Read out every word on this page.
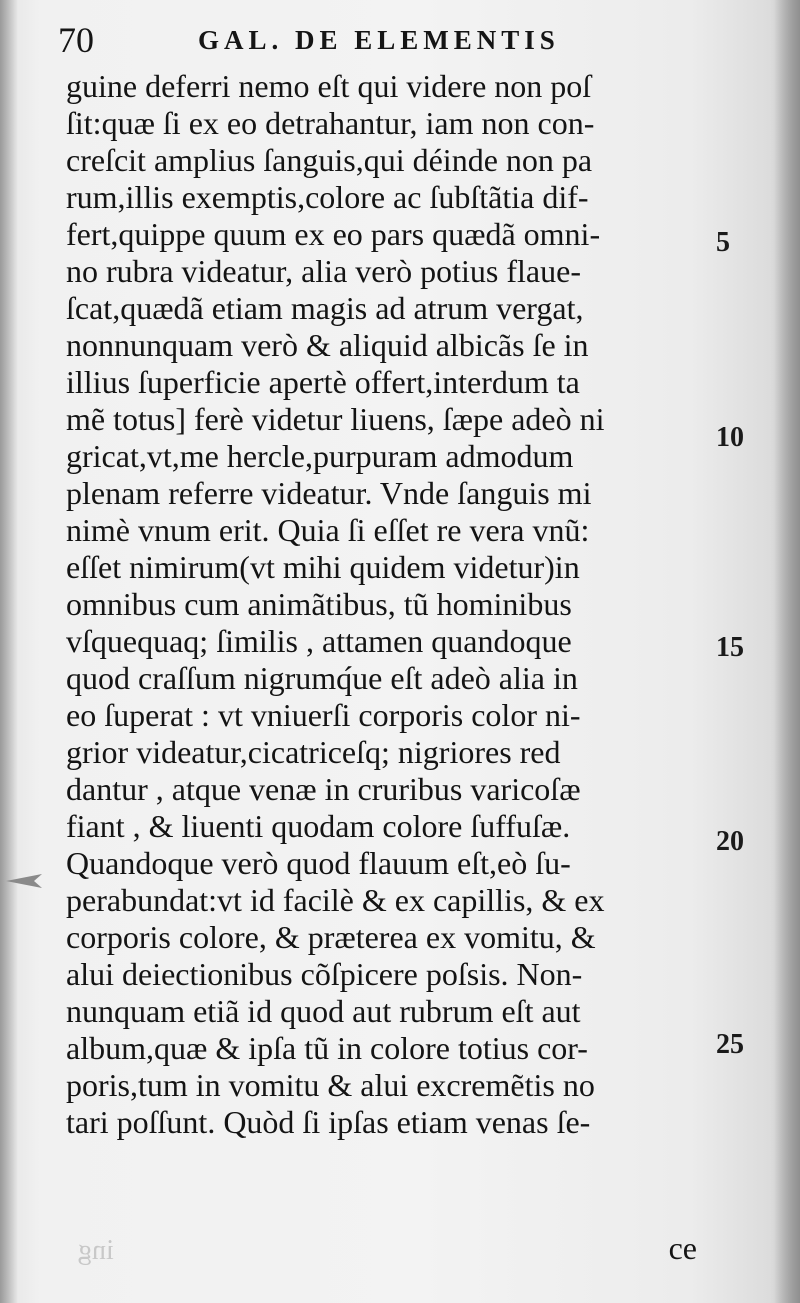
70	GAL. DE ELEMENTIS
guine deferri nemo eſt qui videre non poſ
ſit:quæ ſi ex eo detrahantur, iam non con-
creſcit amplius ſanguis,qui déinde non pa
rum,illis exemptis,colore ac ſubſtãtia dif-
fert,quippe quum ex eo pars quædã omni-
no rubra videatur, alia verò potius flaue-
ſcat,quædã etiam magis ad atrum vergat,
nonnunquam verò & aliquid albicãs ſe in
illius ſuperficie apertè offert,interdum ta
mẽ totus] ferè videtur liuens, ſæpe adeò ni
gricat,vt,me hercle,purpuram admodum
plenam referre videatur. Vnde ſanguis mi
nimè vnum erit. Quia ſi eſſet re vera vnũ:
eſſet nimirum(vt mihi quidem videtur)in
omnibus cum animãtibus, tũ hominibus
vſquequaq; ſimilis , attamen quandoque
quod craſſum nigrumq́ue eſt adeò alia in
eo ſuperat : vt vniuerſi corporis color ni-
grior videatur,cicatriceſq; nigriores red
dantur , atque venæ in cruribus varicoſæ
fiant , & liuenti quodam colore ſuffuſæ.
Quandoque verò quod flauum eſt,eò ſu-
perabundat:vt id facilè & ex capillis, & ex
corporis colore, & præterea ex vomitu, &
alui deiectionibus cõſpicere poſsis. Non-
nunquam etiã id quod aut rubrum eſt aut
album,quæ & ipſa tũ in colore totius cor-
poris,tum in vomitu & alui excremẽtis no
tari poſſunt. Quòd ſi ipſas etiam venas ſe-
5
10
15
20
25
ing	ce
